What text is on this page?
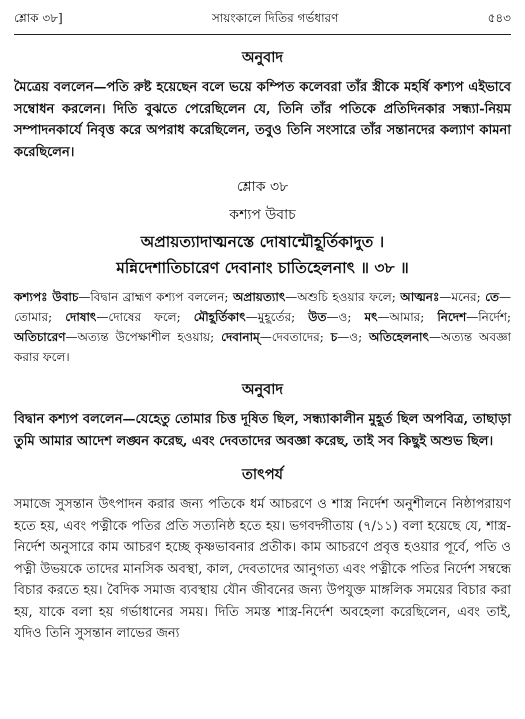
শ্লোক ৩৮]	সায়ংকালে দিতির গর্ভধারণ	৫৪৩
অনুবাদ

মৈত্রেয় বললেন—পতি রুষ্ট হয়েছেন বলে ভয়ে কম্পিত কলেবরা তাঁর স্ত্রীকে মহর্ষি কশ্যপ এইভাবে সম্বোধন করলেন। দিতি বুঝতে পেরেছিলেন যে, তিনি তাঁর পতিকে প্রতিদিনকার সন্ধ্যা-নিয়ম সম্পাদনকার্যে নিবৃত্ত করে অপরাধ করেছিলেন, তবুও তিনি সংসারে তাঁর সন্তানদের কল্যাণ কামনা করেছিলেন।

শ্লোক ৩৮
কশ্যপ উবাচ
অপ্রায়ত্যাদাত্মনস্তে দোষান্মৌহূর্তিকাদুত ।
মন্নিদেশাতিচারেণ দেবানাং চাতিহেলনাৎ ॥ ৩৮ ॥
কশ্যপঃ উবাচ—বিদ্বান ব্রাহ্মণ কশ্যপ বললেন; অপ্রায়ত্যাৎ—অশুচি হওয়ার ফলে; আত্মনঃ—মনের; তে—তোমার; দোষাৎ—দোষের ফলে; মৌহূর্তিকাৎ—মুহূর্তের; উত—ও; মৎ—আমার; নিদেশ—নির্দেশ; অতিচারেণ—অত্যন্ত উপেক্ষাশীল হওয়ায়; দেবানাম্—দেবতাদের; চ—ও; অতিহেলনাৎ—অত্যন্ত অবজ্ঞা করার ফলে।
অনুবাদ

বিদ্বান কশ্যপ বললেন—যেহেতু তোমার চিত্ত দূষিত ছিল, সন্ধ্যাকালীন মুহূর্ত ছিল অপবিত্র, তাছাড়া তুমি আমার আদেশ লঙ্ঘন করেছ, এবং দেবতাদের অবজ্ঞা করেছ, তাই সব কিছুই অশুভ ছিল।

তাৎপর্য

সমাজে সুসন্তান উৎপাদন করার জন্য পতিকে ধর্ম আচরণে ও শাস্ত্র নির্দেশ অনুশীলনে নিষ্ঠাপরায়ণ হতে হয়, এবং পত্নীকে পতির প্রতি সত্যনিষ্ঠ হতে হয়। ভগবদ্গীতায় (৭/১১) বলা হয়েছে যে, শাস্ত্র-নির্দেশ অনুসারে কাম আচরণ হচ্ছে কৃষ্ণভাবনার প্রতীক। কাম আচরণে প্রবৃত্ত হওয়ার পূর্বে, পতি ও পত্নী উভয়কে তাদের মানসিক অবস্থা, কাল, দেবতাদের আনুগত্য এবং পত্নীকে পতির নির্দেশ সম্বন্ধে বিচার করতে হয়। বৈদিক সমাজ ব্যবস্থায় যৌন জীবনের জন্য উপযুক্ত মাঙ্গলিক সময়ের বিচার করা হয়, যাকে বলা হয় গর্ভাধানের সময়। দিতি সমস্ত শাস্ত্র-নির্দেশ অবহেলা করেছিলেন, এবং তাই, যদিও তিনি সুসন্তান লাভের জন্য
